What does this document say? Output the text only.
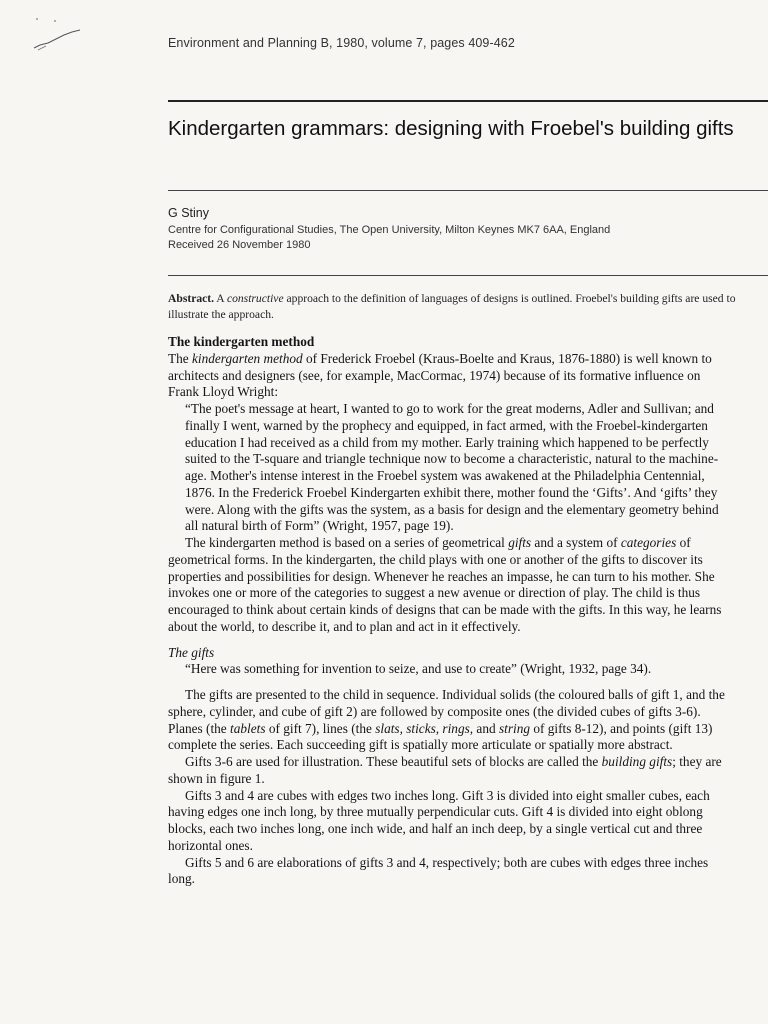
Environment and Planning B, 1980, volume 7, pages 409-462
Kindergarten grammars: designing with Froebel's building gifts
G Stiny
Centre for Configurational Studies, The Open University, Milton Keynes MK7 6AA, England
Received 26 November 1980
Abstract. A constructive approach to the definition of languages of designs is outlined. Froebel's building gifts are used to illustrate the approach.

The kindergarten method

The kindergarten method of Frederick Froebel (Kraus-Boelte and Kraus, 1876-1880) is well known to architects and designers (see, for example, MacCormac, 1974) because of its formative influence on Frank Lloyd Wright:

“The poet's message at heart, I wanted to go to work for the great moderns, Adler and Sullivan; and finally I went, warned by the prophecy and equipped, in fact armed, with the Froebel-kindergarten education I had received as a child from my mother. Early training which happened to be perfectly suited to the T-square and triangle technique now to become a characteristic, natural to the machine-age. Mother's intense interest in the Froebel system was awakened at the Philadelphia Centennial, 1876. In the Frederick Froebel Kindergarten exhibit there, mother found the ‘Gifts’. And ‘gifts’ they were. Along with the gifts was the system, as a basis for design and the elementary geometry behind all natural birth of Form” (Wright, 1957, page 19).

The kindergarten method is based on a series of geometrical gifts and a system of categories of geometrical forms. In the kindergarten, the child plays with one or another of the gifts to discover its properties and possibilities for design. Whenever he reaches an impasse, he can turn to his mother. She invokes one or more of the categories to suggest a new avenue or direction of play. The child is thus encouraged to think about certain kinds of designs that can be made with the gifts. In this way, he learns about the world, to describe it, and to plan and act in it effectively.

The gifts

“Here was something for invention to seize, and use to create” (Wright, 1932, page 34).

The gifts are presented to the child in sequence. Individual solids (the coloured balls of gift 1, and the sphere, cylinder, and cube of gift 2) are followed by composite ones (the divided cubes of gifts 3-6). Planes (the tablets of gift 7), lines (the slats, sticks, rings, and string of gifts 8-12), and points (gift 13) complete the series. Each succeeding gift is spatially more articulate or spatially more abstract.

Gifts 3-6 are used for illustration. These beautiful sets of blocks are called the building gifts; they are shown in figure 1.

Gifts 3 and 4 are cubes with edges two inches long. Gift 3 is divided into eight smaller cubes, each having edges one inch long, by three mutually perpendicular cuts. Gift 4 is divided into eight oblong blocks, each two inches long, one inch wide, and half an inch deep, by a single vertical cut and three horizontal ones.

Gifts 5 and 6 are elaborations of gifts 3 and 4, respectively; both are cubes with edges three inches long.
